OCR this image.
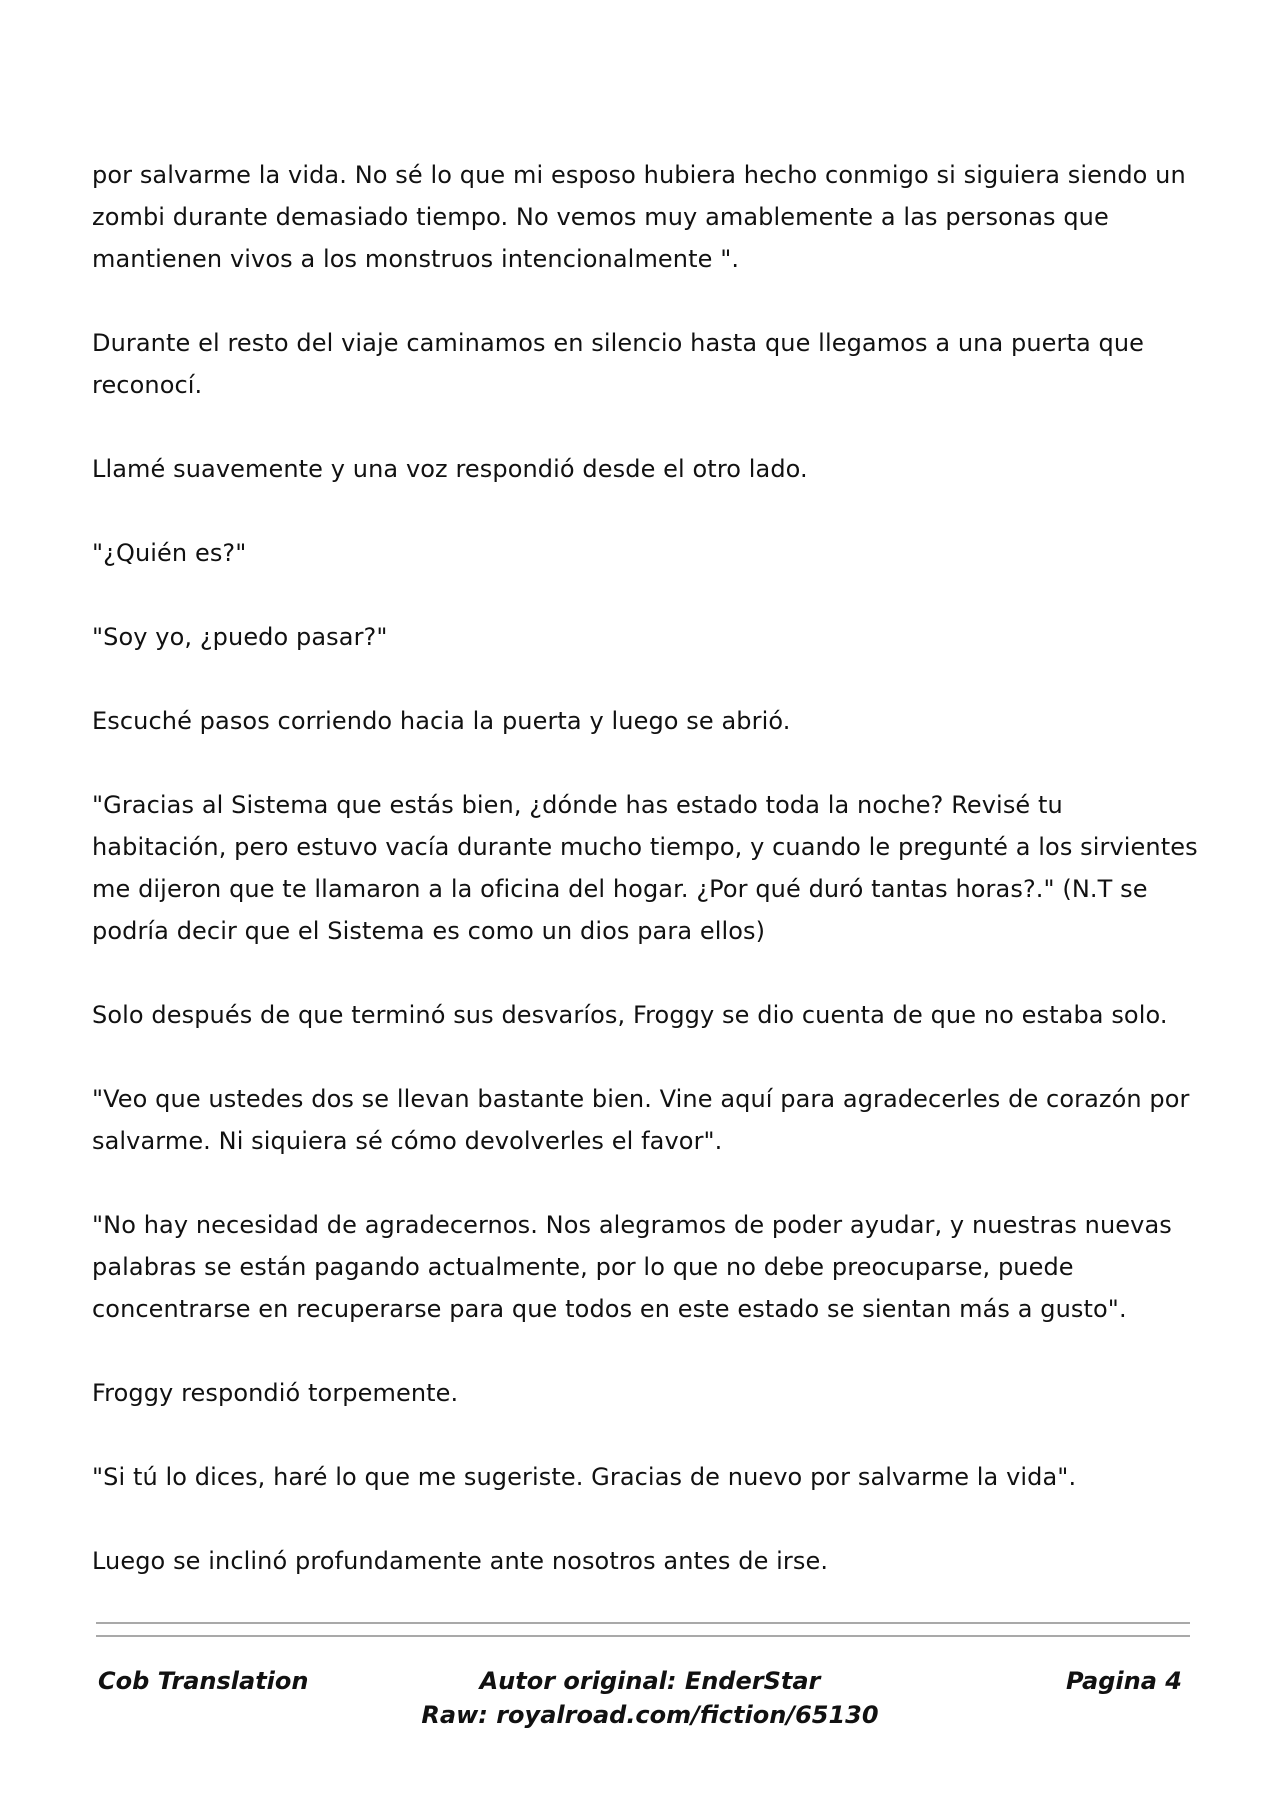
por salvarme la vida. No sé lo que mi esposo hubiera hecho conmigo si siguiera siendo un zombi durante demasiado tiempo. No vemos muy amablemente a las personas que mantienen vivos a los monstruos intencionalmente ".

Durante el resto del viaje caminamos en silencio hasta que llegamos a una puerta que reconocí.

Llamé suavemente y una voz respondió desde el otro lado.

"¿Quién es?"

"Soy yo, ¿puedo pasar?"

Escuché pasos corriendo hacia la puerta y luego se abrió.

"Gracias al Sistema que estás bien, ¿dónde has estado toda la noche? Revisé tu habitación, pero estuvo vacía durante mucho tiempo, y cuando le pregunté a los sirvientes me dijeron que te llamaron a la oficina del hogar. ¿Por qué duró tantas horas?." (N.T se podría decir que el Sistema es como un dios para ellos)

Solo después de que terminó sus desvaríos, Froggy se dio cuenta de que no estaba solo.

"Veo que ustedes dos se llevan bastante bien. Vine aquí para agradecerles de corazón por salvarme. Ni siquiera sé cómo devolverles el favor".

"No hay necesidad de agradecernos. Nos alegramos de poder ayudar, y nuestras nuevas palabras se están pagando actualmente, por lo que no debe preocuparse, puede concentrarse en recuperarse para que todos en este estado se sientan más a gusto".

Froggy respondió torpemente.

"Si tú lo dices, haré lo que me sugeriste. Gracias de nuevo por salvarme la vida".

Luego se inclinó profundamente ante nosotros antes de irse.

Cob Translation	Autor original: EnderStar
Raw: royalroad.com/fiction/65130
Pagina 4
